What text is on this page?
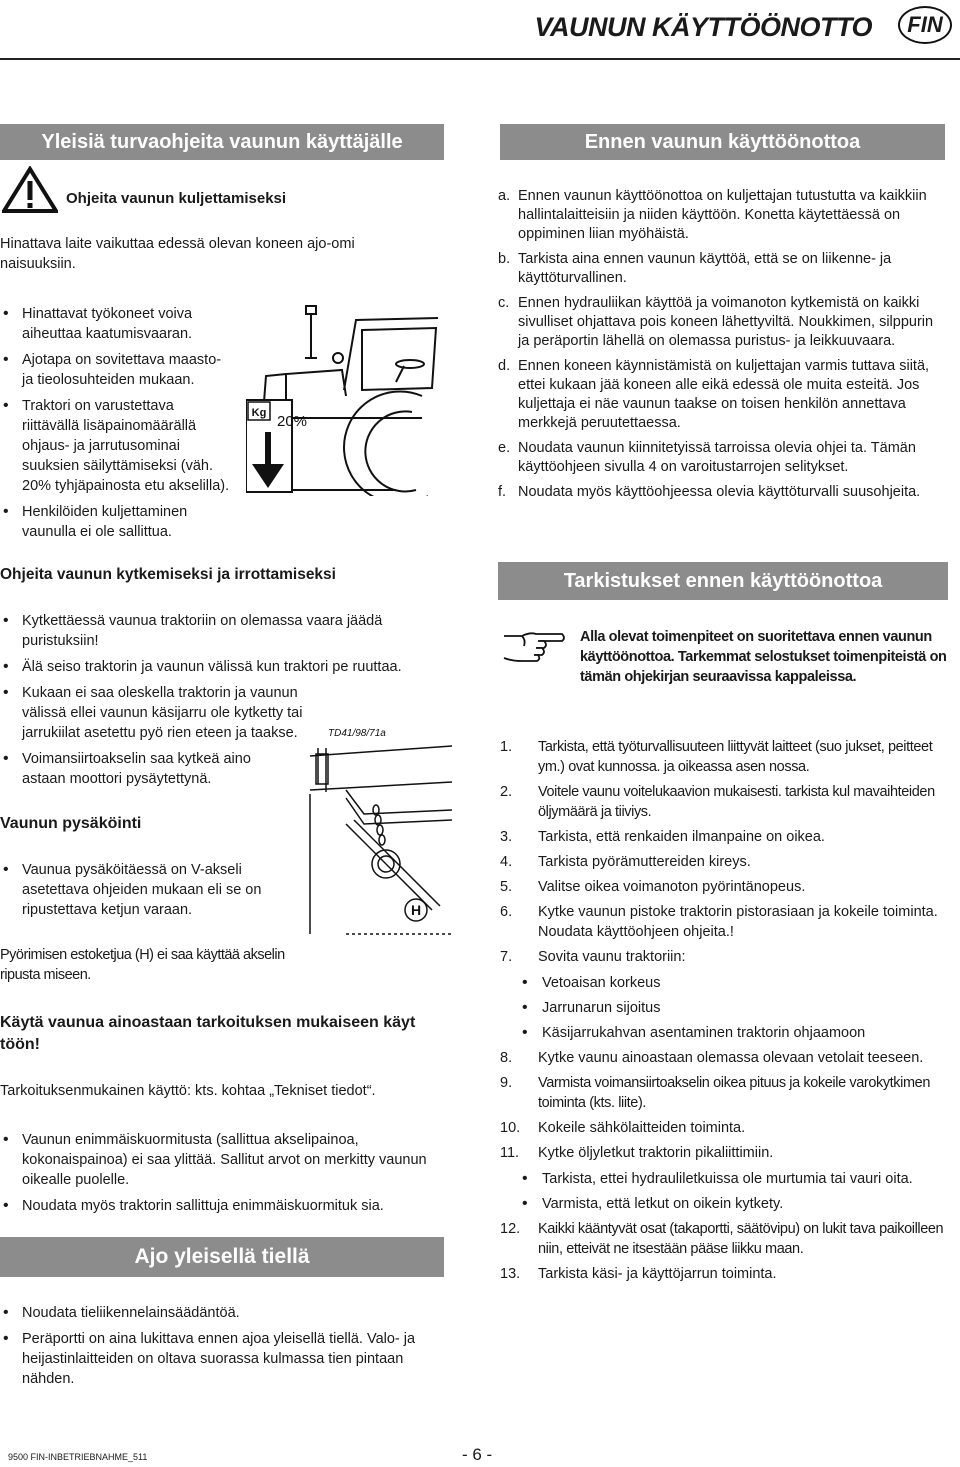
VAUNUN KÄYTTÖÖNOTTO FIN
Yleisiä turvaohjeita vaunun käyttäjälle
Ohjeita vaunun kuljettamiseksi
Hinattava laite vaikuttaa edessä olevan koneen ajo-omi naisuuksiin.
• Hinattavat työkoneet voiva aiheuttaa kaatumisvaaran.
• Ajotapa on sovitettava maasto- ja tieolosuhteiden mukaan.
• Traktori on varustettava riittävällä lisäpainomäärällä ohjaus- ja jarrutusominai suuksien säilyttämiseksi (väh. 20% tyhjäpainosta etu akselilla).
• Henkilöiden kuljettaminen vaunulla ei ole sallittua.
Kg 20%
Ohjeita vaunun kytkemiseksi ja irrottamiseksi
• Kytkettäessä vaunua traktoriin on olemassa vaara jäädä puristuksiin!
• Älä seiso traktorin ja vaunun välissä kun traktori pe ruuttaa.
• Kukaan ei saa oleskella traktorin ja vaunun välissä ellei vaunun käsijarru ole kytketty tai jarrukiilat asetettu pyö rien eteen ja taakse.
• Voimansiirtoakselin saa kytkeä aino astaan moottori pysäytettynä.
Vaunun pysäköinti
• Vaunua pysäköitäessä on V-akseli asetettava ohjeiden mukaan eli se on ripustettava ketjun varaan.
TD41/98/71a
H
Pyörimisen estoketjua (H) ei saa käyttää akselin ripusta miseen.
Käytä vaunua ainoastaan tarkoituksen mukaiseen käyt töön!
Tarkoituksenmukainen käyttö: kts. kohtaa „Tekniset tiedot“.
• Vaunun enimmäiskuormitusta (sallittua akselipainoa, kokonaispainoa) ei saa ylittää. Sallitut arvot on merkitty vaunun oikealle puolelle.
• Noudata myös traktorin sallittuja enimmäiskuormituk sia.
Ajo yleisellä tiellä
• Noudata tieliikennelainsäädäntöä.
• Peräportti on aina lukittava ennen ajoa yleisellä tiellä. Valo- ja heijastinlaitteiden on oltava suorassa kulmassa tien pintaan nähden.
Ennen vaunun käyttöönottoa
a. Ennen vaunun käyttöönottoa on kuljettajan tutustutta va kaikkiin hallintalaitteisiin ja niiden käyttöön. Konetta käytettäessä on oppiminen liian myöhäistä.
b. Tarkista aina ennen vaunun käyttöä, että se on liikenne- ja käyttöturvallinen.
c. Ennen hydrauliikan käyttöä ja voimanoton kytkemistä on kaikki sivulliset ohjattava pois koneen lähettyviltä. Noukkimen, silppurin ja peräportin lähellä on olemassa puristus- ja leikkuuvaara.
d. Ennen koneen käynnistämistä on kuljettajan varmis tuttava siitä, ettei kukaan jää koneen alle eikä edessä ole muita esteitä. Jos kuljettaja ei näe vaunun taakse on toisen henkilön annettava merkkejä peruutettaessa.
e. Noudata vaunun kiinnitetyissä tarroissa olevia ohjei ta. Tämän käyttöohjeen sivulla 4 on varoitustarrojen selitykset.
f. Noudata myös käyttöohjeessa olevia käyttöturvalli suusohjeita.
Tarkistukset ennen käyttöönottoa
Alla olevat toimenpiteet on suoritettava ennen vaunun käyttöönottoa. Tarkemmat selostukset toimenpiteistä on tämän ohjekirjan seuraavissa kappaleissa.
1.	Tarkista, että työturvallisuuteen liittyvät laitteet (suo jukset, peitteet ym.) ovat kunnossa. ja oikeassa asen nossa.
2.	Voitele vaunu voitelukaavion mukaisesti. tarkista kul mavaihteiden öljymäärä ja tiiviys.
3.	Tarkista, että renkaiden ilmanpaine on oikea.
4.	Tarkista pyörämuttereiden kireys.
5.	Valitse oikea voimanoton pyörintänopeus.
6.	Kytke vaunun pistoke traktorin pistorasiaan ja kokeile toiminta. Noudata käyttöohjeen ohjeita.!
7.	Sovita vaunu traktoriin:
• Vetoaisan korkeus
• Jarrunarun sijoitus
• Käsijarrukahvan asentaminen traktorin ohjaamoon
8.	Kytke vaunu ainoastaan olemassa olevaan vetolait teeseen.
9.	Varmista voimansiirtoakselin oikea pituus ja kokeile varokytkimen toiminta (kts. liite).
10.	Kokeile sähkölaitteiden toiminta.
11.	Kytke öljyletkut traktorin pikaliittimiin.
• Tarkista, ettei hydrauliletkuissa ole murtumia tai vauri oita.
• Varmista, että letkut on oikein kytkety.
12.	Kaikki kääntyvät osat (takaportti, säätövipu) on lukit tava paikoilleen niin, etteivät ne itsestään pääse liikku maan.
13.	Tarkista käsi- ja käyttöjarrun toiminta.
9500 FIN-INBETRIEBNAHME_511	- 6 -
